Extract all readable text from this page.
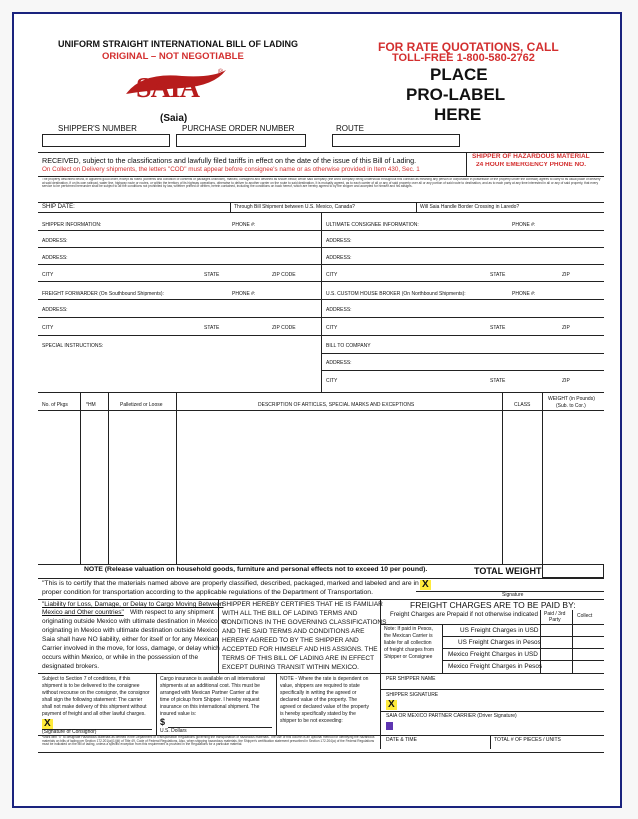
UNIFORM STRAIGHT INTERNATIONAL BILL OF LADING
ORIGINAL – NOT NEGOTIABLE
SAIA
®
(Saia)
FOR RATE QUOTATIONS, CALL
TOLL-FREE 1-800-580-2762
PLACE
PRO-LABEL
HERE
SHIPPER'S NUMBER	PURCHASE ORDER NUMBER	ROUTE
RECEIVED, subject to the classifications and lawfully filed tariffs in effect on the date of the issue of this Bill of Lading.
On Collect on Delivery shipments, the letters "COD" must appear before consignee's name or as otherwise provided in Item 430, Sec. 1
SHIPPER OF HAZARDOUS MATERIAL
24 HOUR EMERGENCY PHONE NO.
The property described below, in apparent good order, except as noted (contents and condition of contents of packages unknown), marked, consigned and destined as shown below, which said company (the word company being understood throughout this contract as meaning any person or corporation in possession of the property under the contract) agrees to carry to its usual place of delivery at said destination, if on its own railroad, water line, highway route or routes, or within the territory of its highway operations, otherwise to deliver to another carrier on the route to said destination. It is mutually agreed, as to each carrier of all or any of said property over all or any portion of said route to destination, and as to each party at any time interested in all or any of said property, that every service to be performed hereunder shall be subject to all the conditions not prohibited by law, whether printed or written, herein contained, including the conditions on back hereof, which are hereby agreed to by the shipper and accepted for himself and his assigns.
SHIP DATE:	Through Bill Shipment between U.S. Mexico, Canada?	Will Saia Handle Border Crossing in Laredo?
SHIPPER INFORMATION:	PHONE #:	ULTIMATE CONSIGNEE INFORMATION:	PHONE #:
ADDRESS:	ADDRESS:
ADDRESS:	ADDRESS:
CITY	STATE	ZIP CODE	CITY	STATE	ZIP
FREIGHT FORWARDER (On Southbound Shipments):	PHONE #:	U.S. CUSTOM HOUSE BROKER (On Northbound Shipments):	PHONE #:
ADDRESS:	ADDRESS:
CITY	STATE	ZIP CODE	CITY	STATE	ZIP
SPECIAL INSTRUCTIONS:	BILL TO COMPANY
ADDRESS:
CITY	STATE	ZIP
No. of Pkgs	*HM	Palletized or Loose	DESCRIPTION OF ARTICLES, SPECIAL MARKS AND EXCEPTIONS	CLASS
WEIGHT (in Pounds)
(Sub. to Cor.)
NOTE (Release valuation on household goods, furniture and personal effects not to exceed 10 per pound).	TOTAL WEIGHT
"This is to certify that the materials named above are properly classified, described, packaged, marked and labeled and are in
proper condition for transportation according to the applicable regulations of the Department of Transportation.
X
Signature
"Liability for Loss, Damage, or Delay to Cargo Moving Between
Mexico and Other countries" With respect to any shipment
originating outside Mexico with ultimate destination in Mexico, or
originating in Mexico with ultimate destination outside Mexico,
Saia shall have NO liability, either for itself or for any Mexican
Carrier involved in the move, for loss, damage, or delay which
occurs within Mexico, or while in the possession of the
designated brokers.
SHIPPER HEREBY CERTIFIES THAT HE IS FAMILIAR
WITH ALL THE BILL OF LADING TERMS AND
CONDITIONS IN THE GOVERNING CLASSIFICATIONS
AND THE SAID TERMS AND CONDITIONS ARE
HEREBY AGREED TO BY THE SHIPPER AND
ACCEPTED FOR HIMSELF AND HIS ASSIGNS. THE
TERMS OF THIS BILL OF LADING ARE IN EFFECT
EXCEPT DURING TRANSIT WITHIN MEXICO.
FREIGHT CHARGES ARE TO BE PAID BY:
Freight Charges are Prepaid if not otherwise indicated Paid / 3rd
Party
Collect
Note: If paid in Pesos,
the Mexican Carrier is
liable for all collection
of freight charges from
Shipper or Consignee
US Freight Charges in USD
US Freight Charges in Pesos
Mexico Freight Charges in USD
Mexico Freight Charges in Pesos
Subject to Section 7 of conditions, if this
shipment is to be delivered to the consignee
without recourse on the consignor, the consignor
shall sign the following statement: The carrier
shall not make delivery of this shipment without
payment of freight and all other lawful charges.
X
(Signature of Consignor)
Cargo insurance is available on all international
shipments at an additional cost. This must be
arranged with Mexican Partner Carrier at the
time of pickup from Shipper. I hereby request
insurance on this international shipment. The
insured value is:
$
U.S. Dollars
NOTE - Where the rate is dependent on
value, shippers are required to state
specifically in writing the agreed or
declared value of the property. The
agreed or declared value of the property
is hereby specifically stated by the
shipper to be not exceeding:
PER SHIPPER NAME
SHIPPER SIGNATURE
X
SAIA OR MEXICO PARTNER CARRIER (Driver Signature)
*Mark with "X" to designate Hazardous Materials as defined in the Department of Transportation Regulations governing the transportation of hazardous materials. The use of this column is an optional method for identifying the hazardous materials on bills of lading per Section 172.201(a)(1)(iii) of Title 49, Code of Federal Regulations. Also, when shipping hazardous materials, the Shipper's certification statement prescribed in Section 172.204(a) of the Federal Regulations must be indicated on the bill of lading, unless a specific exception from this requirement is provided in the Regulations for a particular material.
DATE & TIME	TOTAL # OF PIECES / UNITS
